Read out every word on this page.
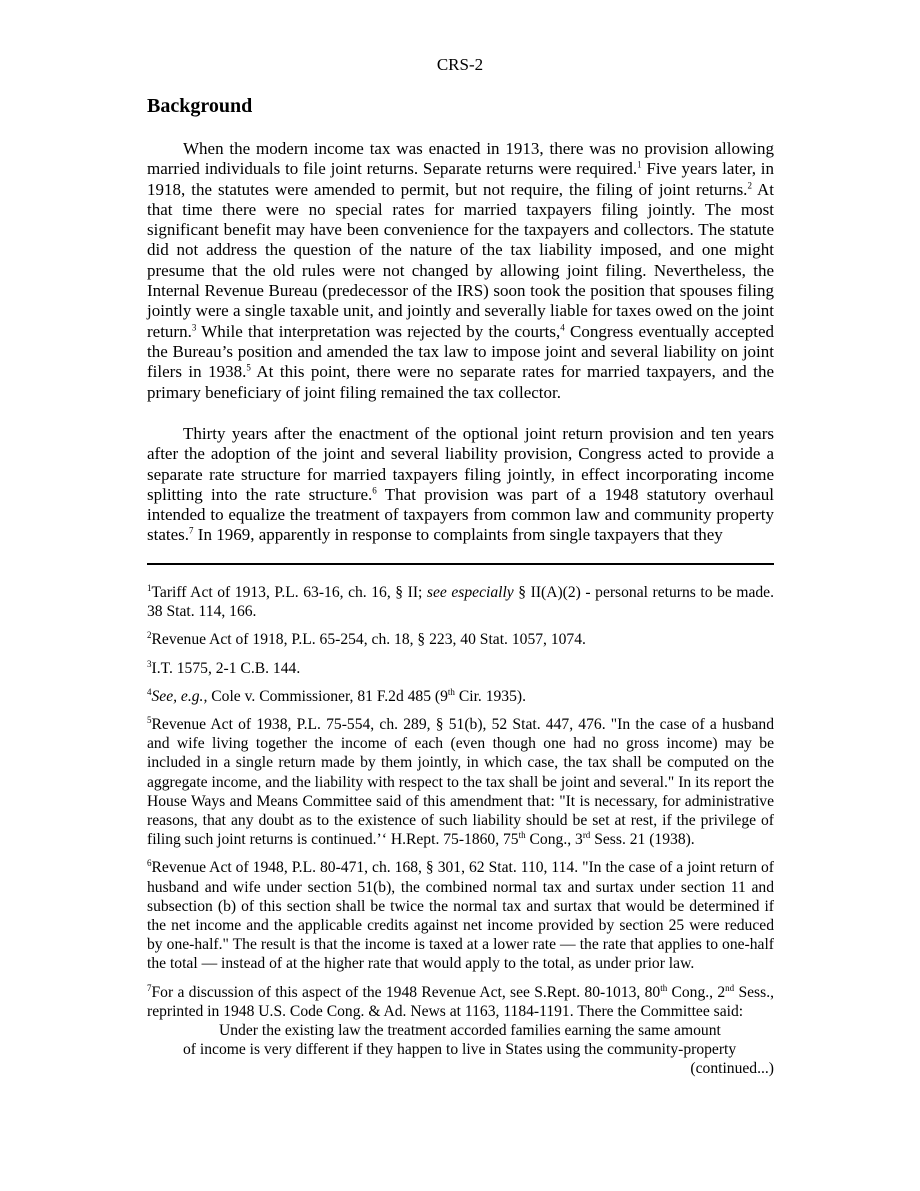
CRS-2
Background

When the modern income tax was enacted in 1913, there was no provision allowing married individuals to file joint returns. Separate returns were required.$^1$ Five years later, in 1918, the statutes were amended to permit, but not require, the filing of joint returns.$^2$ At that time there were no special rates for married taxpayers filing jointly. The most significant benefit may have been convenience for the taxpayers and collectors. The statute did not address the question of the nature of the tax liability imposed, and one might presume that the old rules were not changed by allowing joint filing. Nevertheless, the Internal Revenue Bureau (predecessor of the IRS) soon took the position that spouses filing jointly were a single taxable unit, and jointly and severally liable for taxes owed on the joint return.$^3$ While that interpretation was rejected by the courts,$^4$ Congress eventually accepted the Bureau’s position and amended the tax law to impose joint and several liability on joint filers in 1938.$^5$ At this point, there were no separate rates for married taxpayers, and the primary beneficiary of joint filing remained the tax collector.

Thirty years after the enactment of the optional joint return provision and ten years after the adoption of the joint and several liability provision, Congress acted to provide a separate rate structure for married taxpayers filing jointly, in effect incorporating income splitting into the rate structure.$^6$ That provision was part of a 1948 statutory overhaul intended to equalize the treatment of taxpayers from common law and community property states.$^7$ In 1969, apparently in response to complaints from single taxpayers that they

$^1$Tariff Act of 1913, P.L. 63-16, ch. 16, § II; see especially § II(A)(2) - personal returns to be made. 38 Stat. 114, 166.

$^2$Revenue Act of 1918, P.L. 65-254, ch. 18, § 223, 40 Stat. 1057, 1074.

$^3$I.T. 1575, 2-1 C.B. 144.

$^4$See, e.g., Cole v. Commissioner, 81 F.2d 485 (9th Cir. 1935).

$^5$Revenue Act of 1938, P.L. 75-554, ch. 289, § 51(b), 52 Stat. 447, 476. "In the case of a husband and wife living together the income of each (even though one had no gross income) may be included in a single return made by them jointly, in which case, the tax shall be computed on the aggregate income, and the liability with respect to the tax shall be joint and several." In its report the House Ways and Means Committee said of this amendment that: "It is necessary, for administrative reasons, that any doubt as to the existence of such liability should be set at rest, if the privilege of filing such joint returns is continued.’‘ H.Rept. 75-1860, 75th Cong., 3rd Sess. 21 (1938).

$^6$Revenue Act of 1948, P.L. 80-471, ch. 168, § 301, 62 Stat. 110, 114. "In the case of a joint return of husband and wife under section 51(b), the combined normal tax and surtax under section 11 and subsection (b) of this section shall be twice the normal tax and surtax that would be determined if the net income and the applicable credits against net income provided by section 25 were reduced by one-half." The result is that the income is taxed at a lower rate — the rate that applies to one-half the total — instead of at the higher rate that would apply to the total, as under prior law.

$^7$For a discussion of this aspect of the 1948 Revenue Act, see S.Rept. 80-1013, 80th Cong., 2nd Sess., reprinted in 1948 U.S. Code Cong. & Ad. News at 1163, 1184-1191. There the Committee said:

Under the existing law the treatment accorded families earning the same amount
of income is very different if they happen to live in States using the community-property

(continued...)
